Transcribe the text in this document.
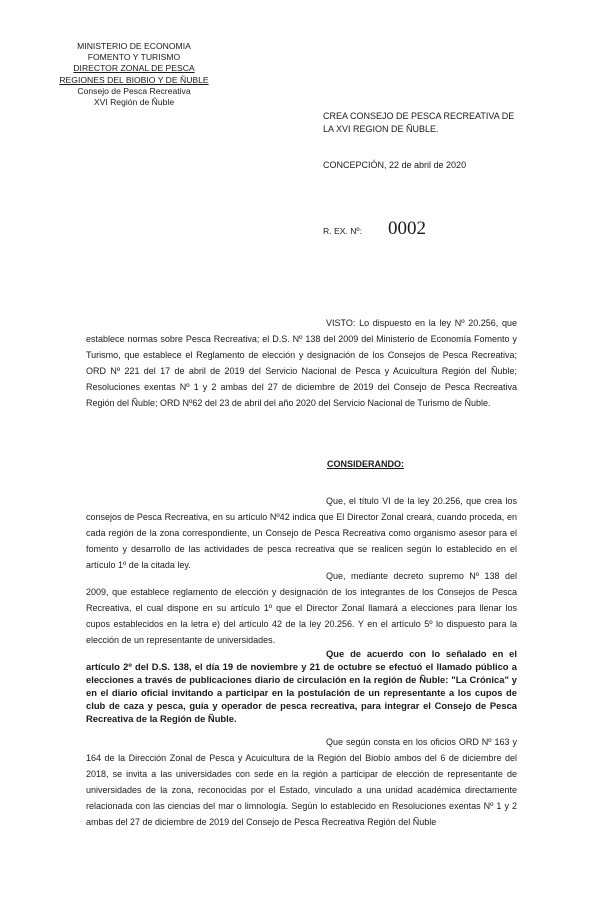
MINISTERIO DE ECONOMIA
FOMENTO Y TURISMO
DIRECTOR ZONAL DE PESCA
REGIONES DEL BIOBIO Y DE ÑUBLE
Consejo de Pesca Recreativa
XVI Región de Ñuble
CREA CONSEJO DE PESCA RECREATIVA DE
LA XVI REGION DE ÑUBLE.
CONCEPCIÓN, 22 de abril de 2020
R. EX. Nº: 0002
VISTO: Lo dispuesto en la ley Nº 20.256, que establece normas sobre Pesca Recreativa; el D.S. Nº 138 del 2009 del Ministerio de Economía Fomento y Turismo, que establece el Reglamento de elección y designación de los Consejos de Pesca Recreativa; ORD Nº 221 del 17 de abril de 2019 del Servicio Nacional de Pesca y Acuicultura Región del Ñuble; Resoluciones exentas Nº 1 y 2 ambas del 27 de diciembre de 2019 del Consejo de Pesca Recreativa Región del Ñuble; ORD Nº62 del 23 de abril del año 2020 del Servicio Nacional de Turismo de Ñuble.
CONSIDERANDO:
Que, el título VI de la ley 20.256, que crea los consejos de Pesca Recreativa, en su artículo Nº42 indica que El Director Zonal creará, cuando proceda, en cada región de la zona correspondiente, un Consejo de Pesca Recreativa como organismo asesor para el fomento y desarrollo de las actividades de pesca recreativa que se realicen según lo establecido en el artículo 1º de la citada ley.
Que, mediante decreto supremo Nº 138 del 2009, que establece reglamento de elección y designación de los integrantes de los Consejos de Pesca Recreativa, el cual dispone en su artículo 1º que el Director Zonal llamará a elecciones para llenar los cupos establecidos en la letra e) del artículo 42 de la ley 20.256. Y en el artículo 5º lo dispuesto para la elección de un representante de universidades.
Que de acuerdo con lo señalado en el artículo 2º del D.S. 138, el día 19 de noviembre y 21 de octubre se efectuó el llamado público a elecciones a través de publicaciones diario de circulación en la región de Ñuble: "La Crónica" y en el diario oficial invitando a participar en la postulación de un representante a los cupos de club de caza y pesca, guía y operador de pesca recreativa, para integrar el Consejo de Pesca Recreativa de la Región de Ñuble.
Que según consta en los oficios ORD Nº 163 y 164 de la Dirección Zonal de Pesca y Acuicultura de la Región del Biobío ambos del 6 de diciembre del 2018, se invita a las universidades con sede en la región a participar de elección de representante de universidades de la zona, reconocidas por el Estado, vinculado a una unidad académica directamente relacionada con las ciencias del mar o limnología. Según lo establecido en Resoluciones exentas Nº 1 y 2 ambas del 27 de diciembre de 2019 del Consejo de Pesca Recreativa Región del Ñuble
